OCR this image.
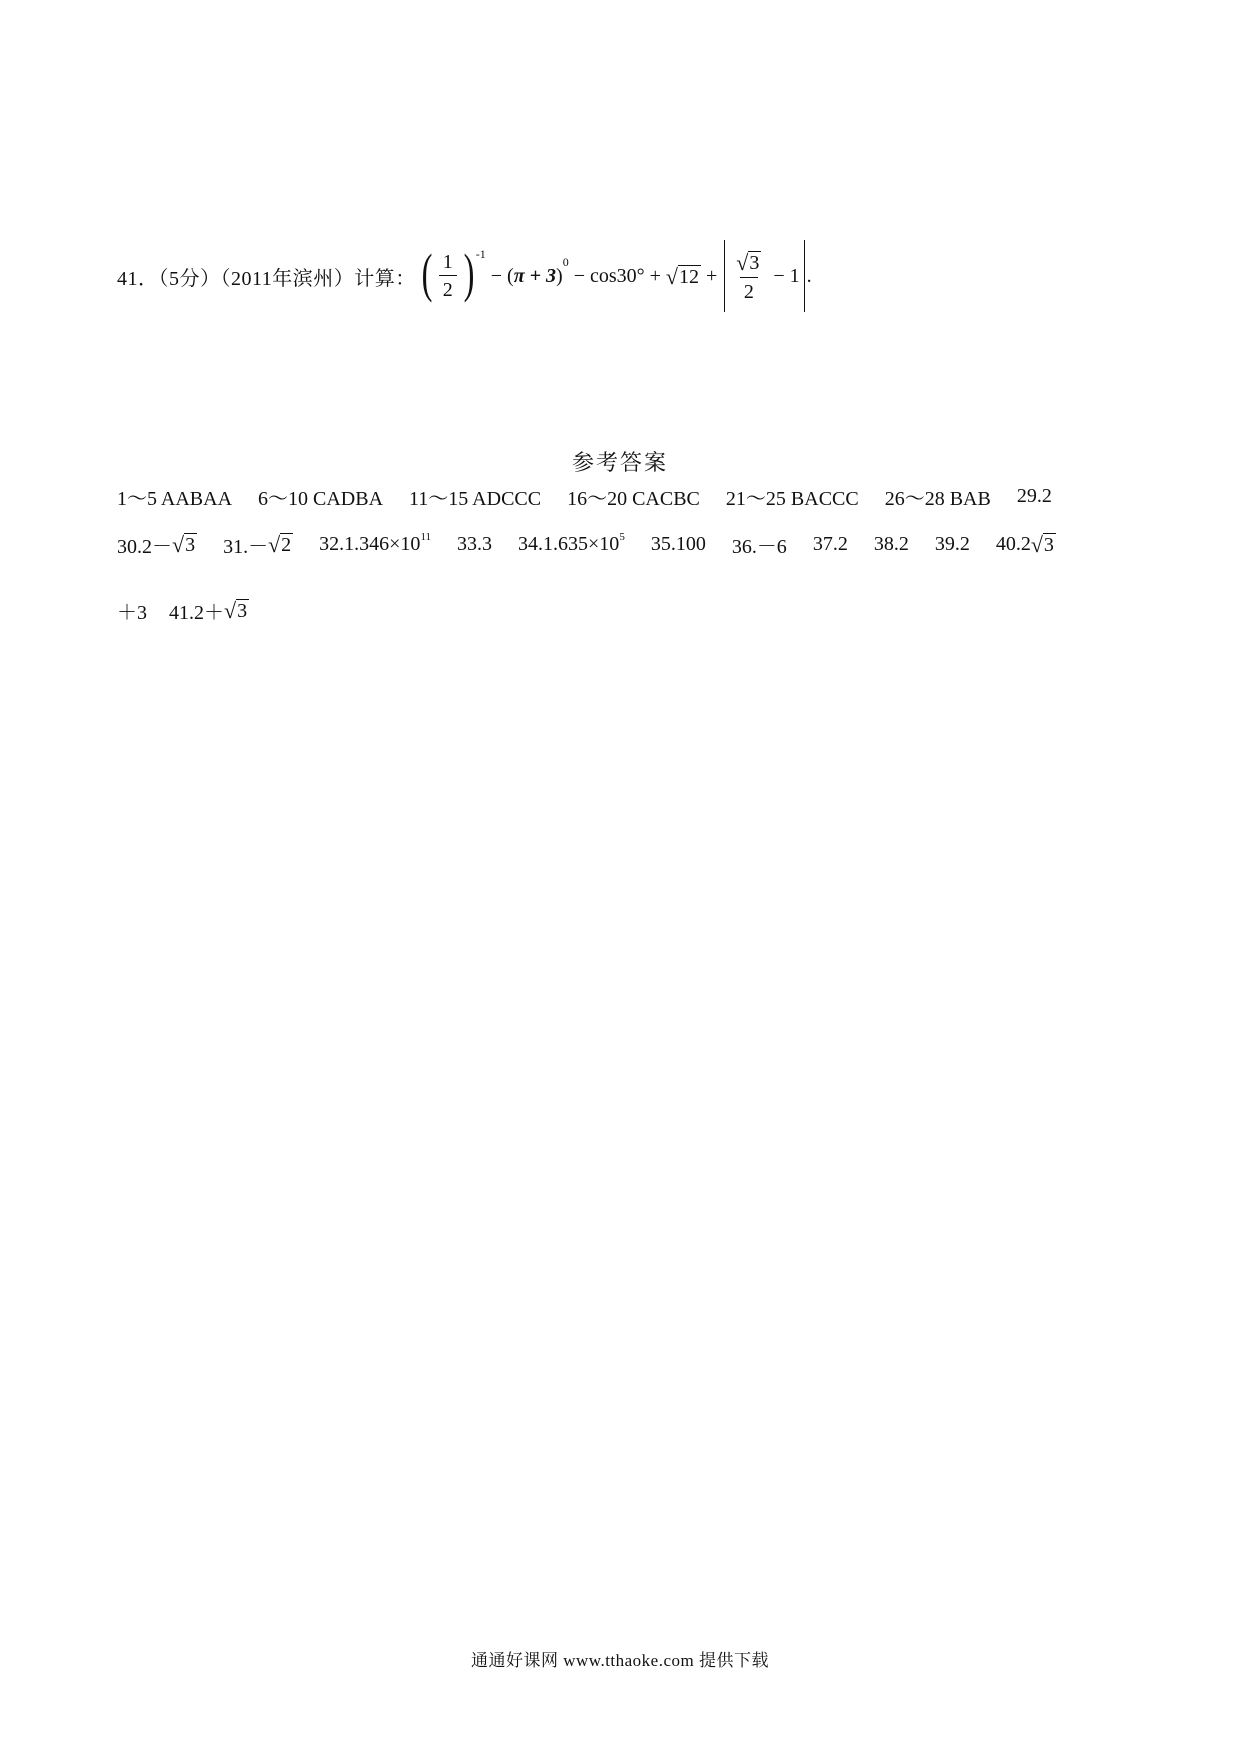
41．（5分）（2011年滨州）计算： ( $\frac{1}{2}$ ) -1
− (π + 3)
0
− cos30° + √ $12 + \frac{√ 3}{2} - 1$ .
参考答案
1～5 AABAA 6～10 CADBA 11～15 ADCCC 16～20 CACBC 21～25 BACCC 26～28 BAB 29.2
30.2－ √ 3 31.－ √ 2 32.1.346×10 11 33.3 34.1.635×10 5 35.100 36.－6 37.2 38.2 39.2 40.2 √ 3
＋3 41.2＋ √ 3
通通好课网 www.tthaoke.com 提供下载
